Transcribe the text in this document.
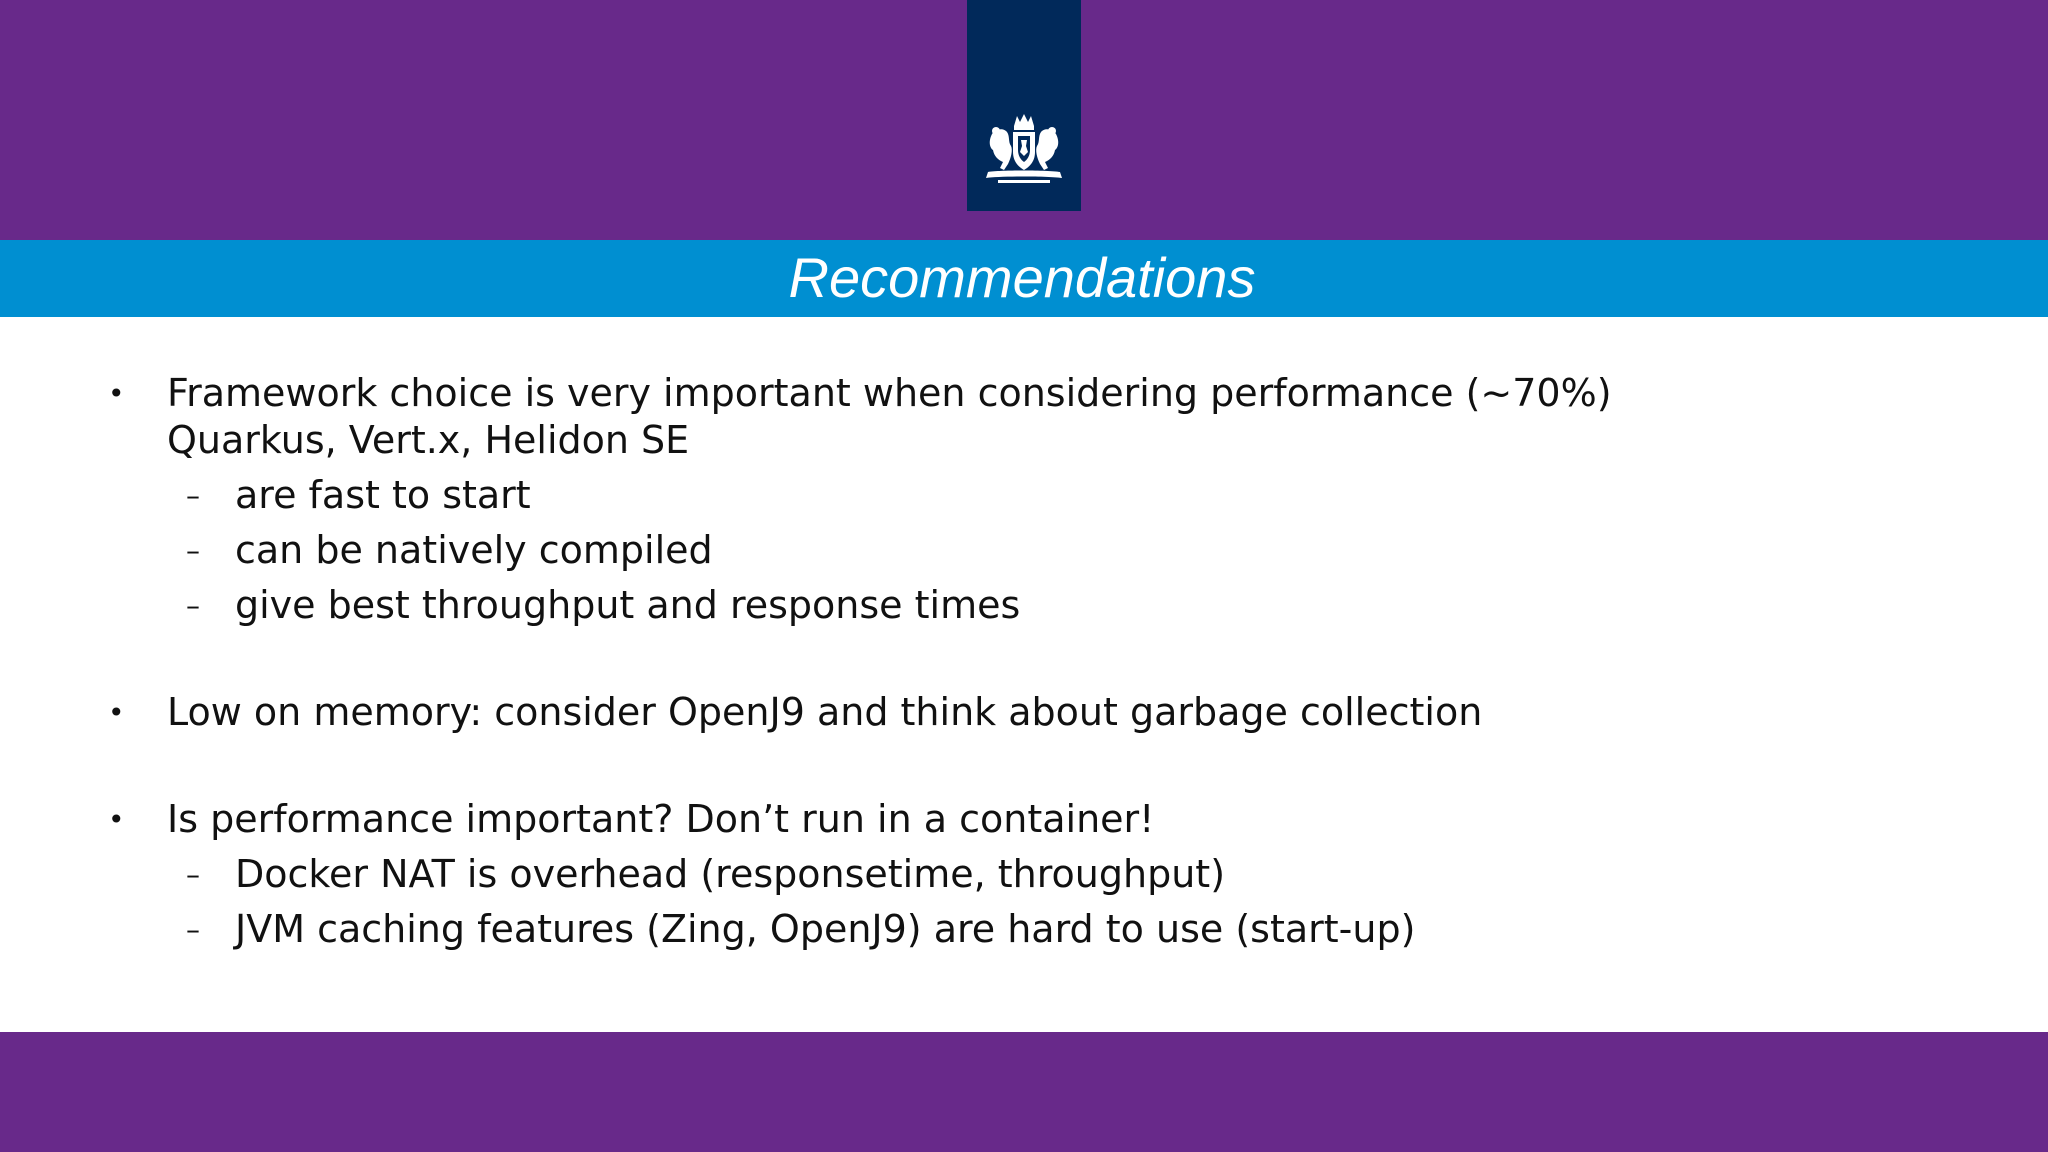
Recommendations
• Framework choice is very important when considering performance (~70%)
Quarkus, Vert.x, Helidon SE
– are fast to start
– can be natively compiled
– give best throughput and response times
• Low on memory: consider OpenJ9 and think about garbage collection
• Is performance important? Don’t run in a container!
– Docker NAT is overhead (responsetime, throughput)
– JVM caching features (Zing, OpenJ9) are hard to use (start-up)
